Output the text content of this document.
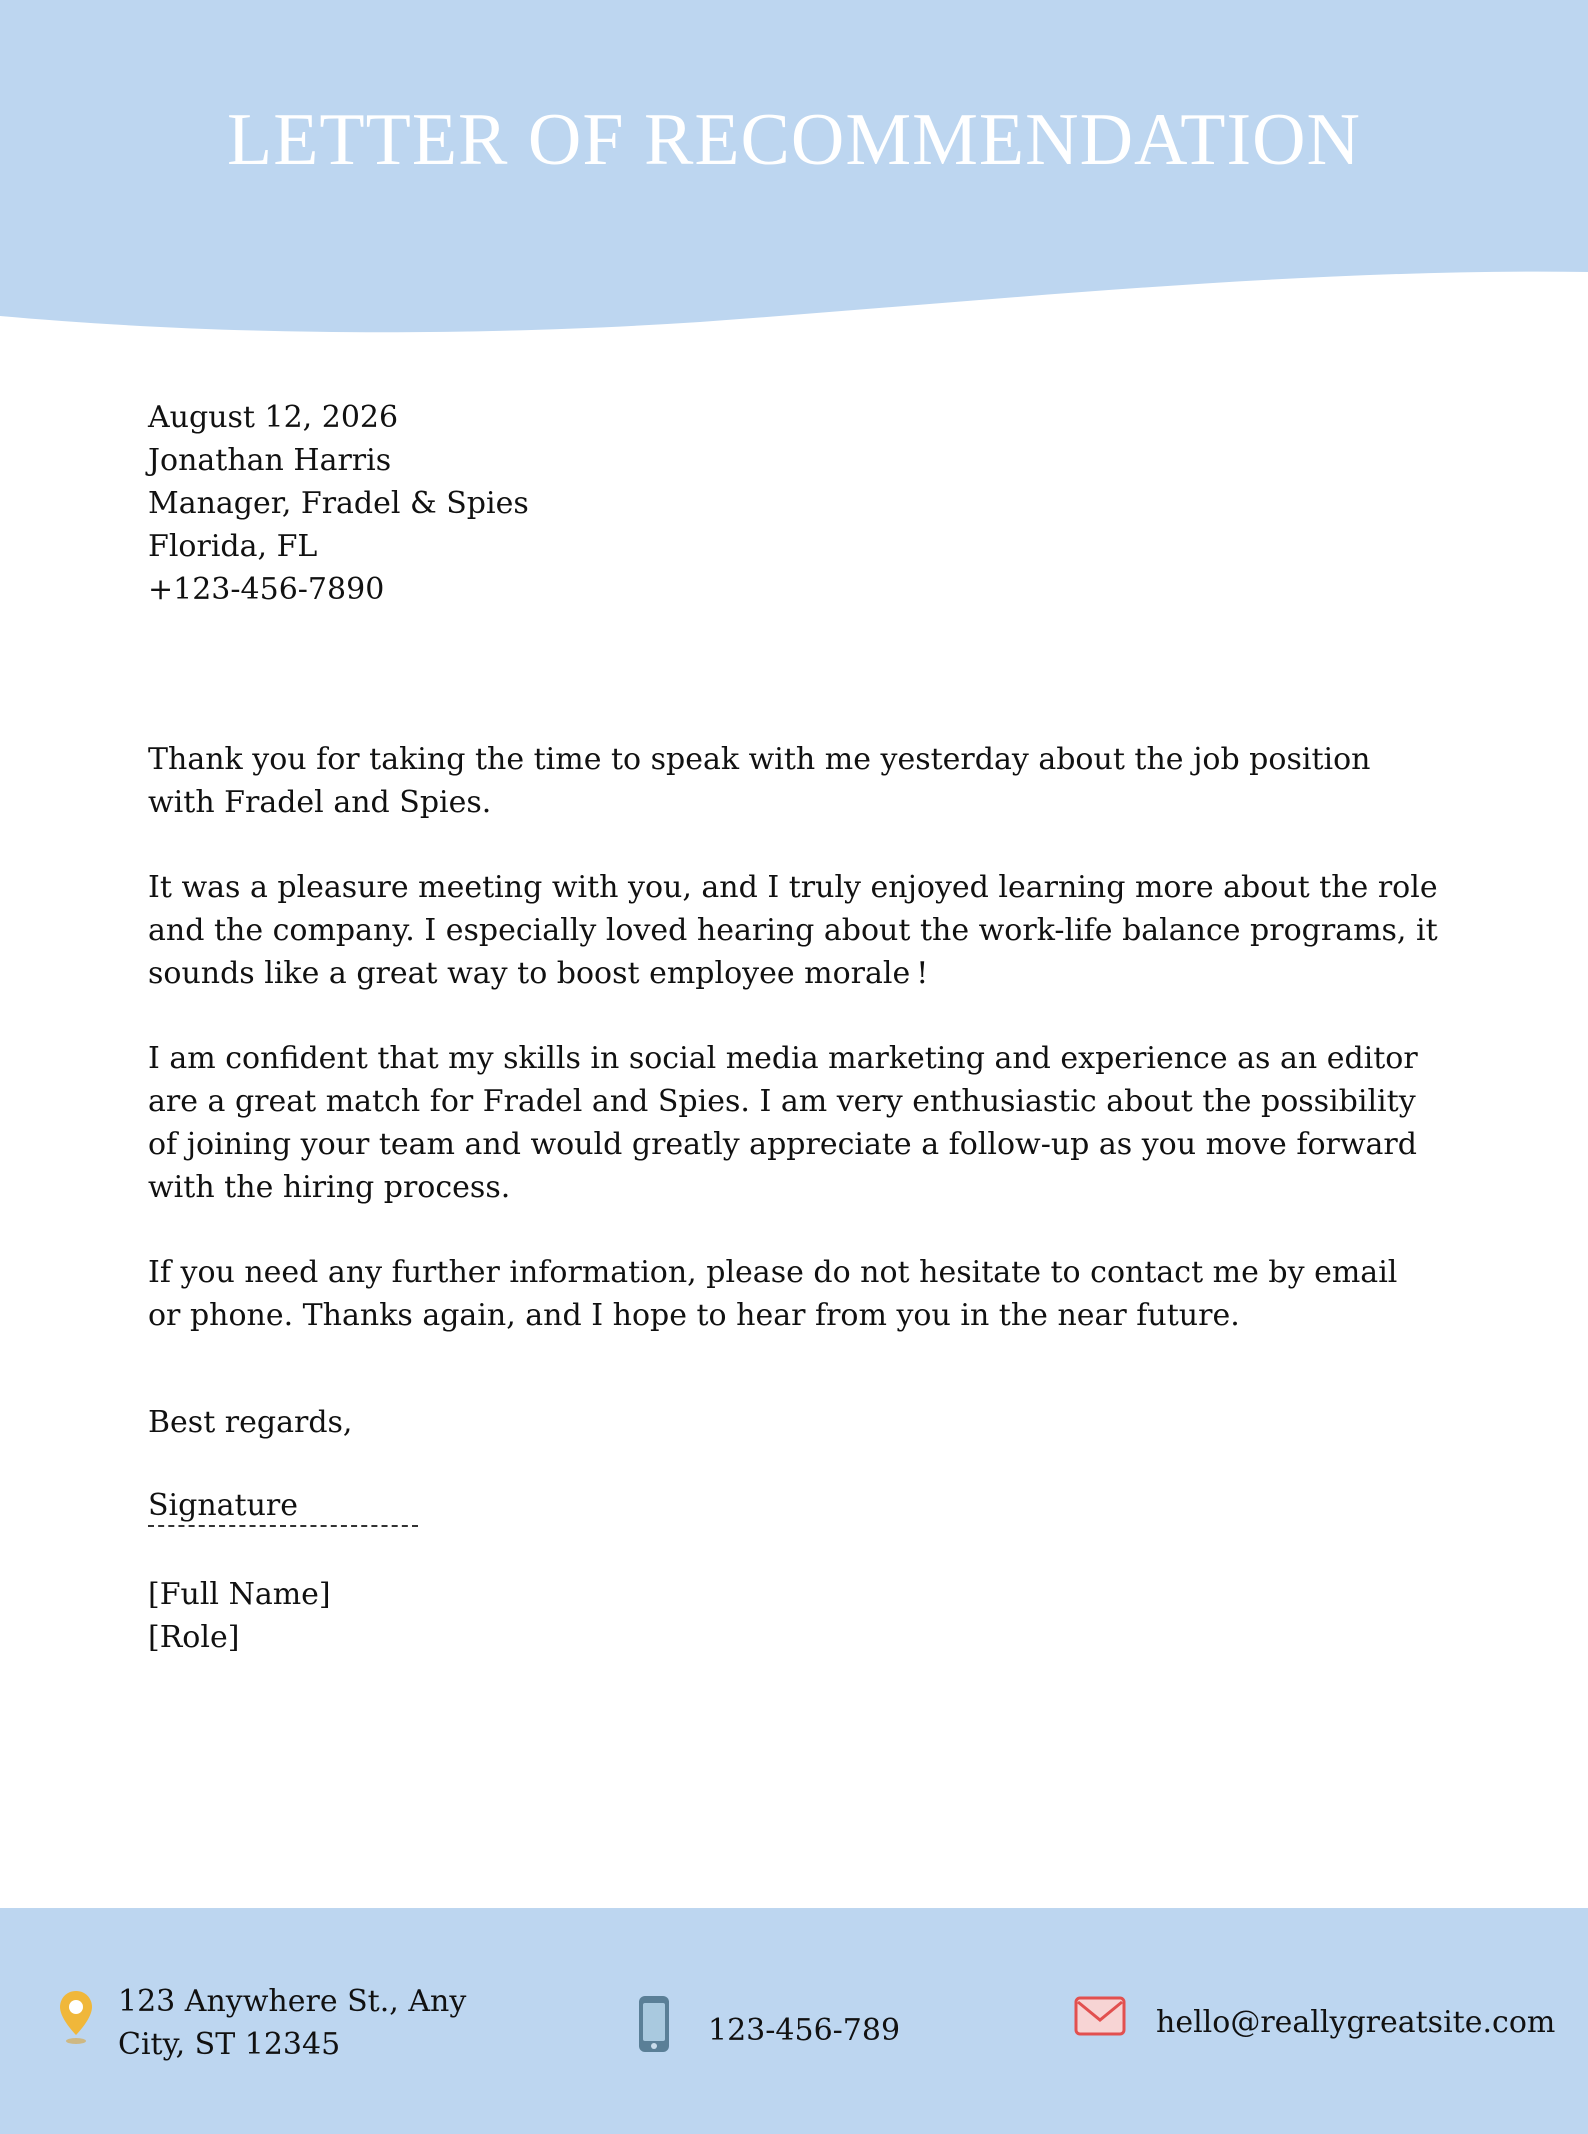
LETTER OF RECOMMENDATION
August 12, 2026
Jonathan Harris
Manager, Fradel & Spies
Florida, FL
+123-456-7890

Thank you for taking the time to speak with me yesterday about the job position with Fradel and Spies.

It was a pleasure meeting with you, and I truly enjoyed learning more about the role and the company. I especially loved hearing about the work-life balance programs, it sounds like a great way to boost employee morale !

I am confident that my skills in social media marketing and experience as an editor are a great match for Fradel and Spies. I am very enthusiastic about the possibility of joining your team and would greatly appreciate a follow-up as you move forward with the hiring process.

If you need any further information, please do not hesitate to contact me by email or phone. Thanks again, and I hope to hear from you in the near future.

Best regards,
Signature
[Full Name]
[Role]
123 Anywhere St., Any
City, ST 12345	123-456-789	hello@reallygreatsite.com
